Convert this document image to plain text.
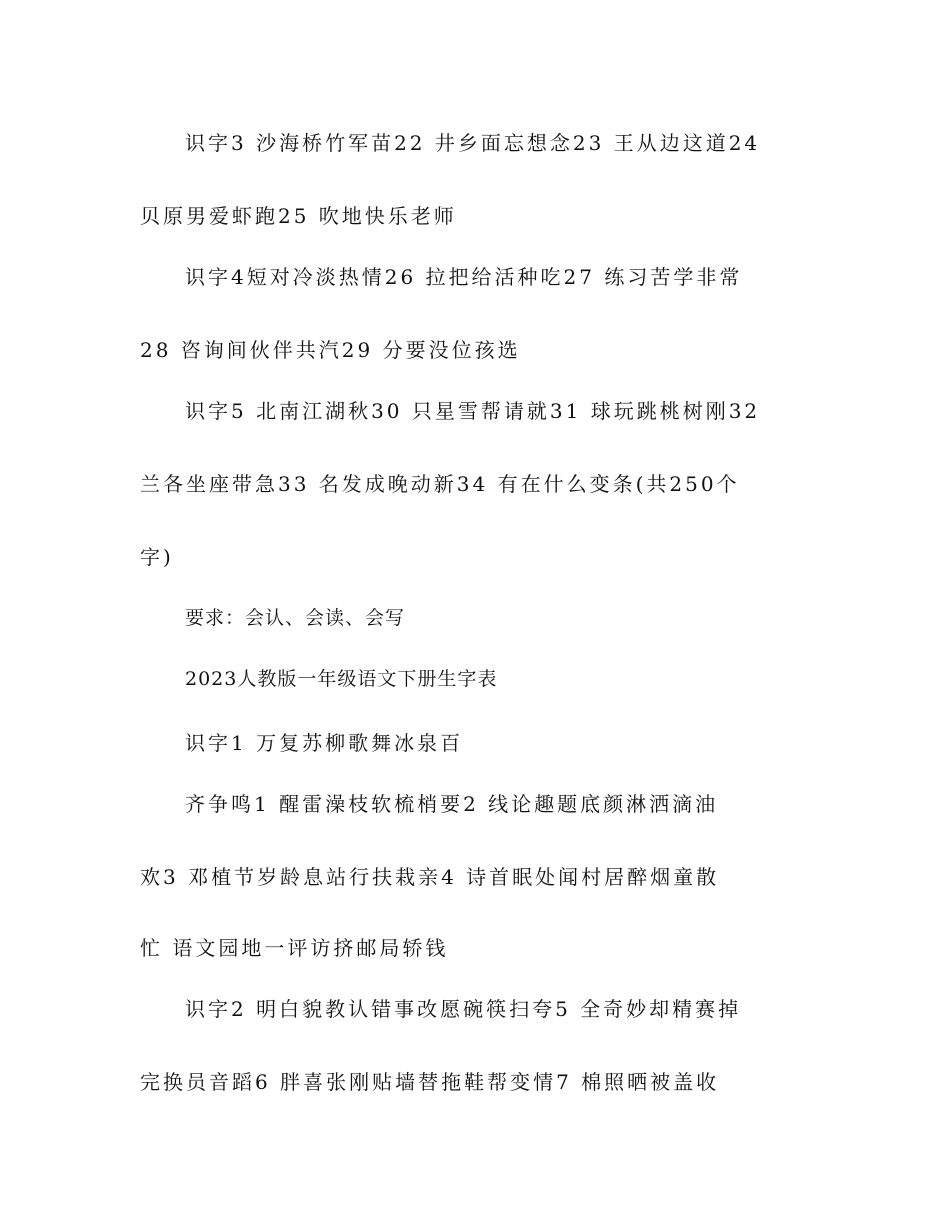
识字3 沙海桥竹军苗22 井乡面忘想念23 王从边这道24

贝原男爱虾跑25 吹地快乐老师

识字4短对冷淡热情26 拉把给活种吃27 练习苦学非常

28 咨询间伙伴共汽29 分要没位孩选

识字5 北南江湖秋30 只星雪帮请就31 球玩跳桃树刚32

兰各坐座带急33 名发成晚动新34 有在什么变条(共250个

字)

要求：会认、会读、会写

2023人教版一年级语文下册生字表

识字1 万复苏柳歌舞冰泉百

齐争鸣1 醒雷澡枝软梳梢要2 线论趣题底颜淋洒滴油

欢3 邓植节岁龄息站行扶栽亲4 诗首眠处闻村居醉烟童散

忙 语文园地一评访挤邮局轿钱

识字2 明白貌教认错事改愿碗筷扫夸5 全奇妙却精赛掉

完换员音蹈6 胖喜张刚贴墙替拖鞋帮变情7 棉照晒被盖收
